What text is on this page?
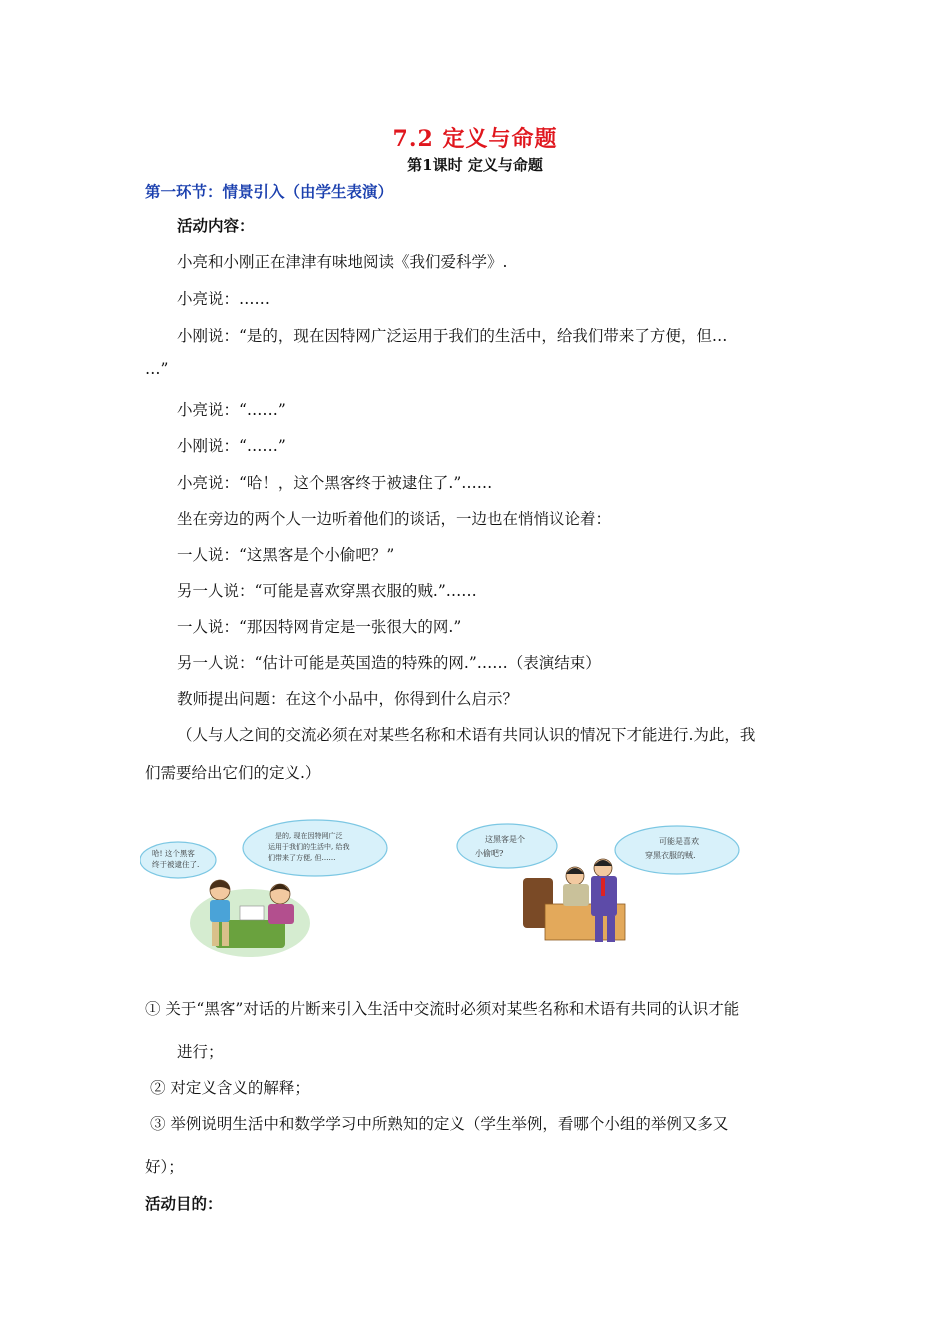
7.2 定义与命题
第1课时 定义与命题
第一环节：情景引入（由学生表演）
活动内容：
小亮和小刚正在津津有味地阅读《我们爱科学》.
小亮说：……
小刚说：“是的，现在因特网广泛运用于我们的生活中，给我们带来了方便，但…
…”
小亮说：“……”
小刚说：“……”
小亮说：“哈！，这个黑客终于被逮住了.”……
坐在旁边的两个人一边听着他们的谈话，一边也在悄悄议论着：
一人说：“这黑客是个小偷吧？”
另一人说：“可能是喜欢穿黑衣服的贼.”……
一人说：“那因特网肯定是一张很大的网.”
另一人说：“估计可能是英国造的特殊的网.”……（表演结束）
教师提出问题：在这个小品中，你得到什么启示？
（人与人之间的交流必须在对某些名称和术语有共同认识的情况下才能进行.为此，我
们需要给出它们的定义.）
哈! 这个黑客
终于被逮住了.
是的, 现在因特网广泛
运用于我们的生活中, 给我
们带来了方便, 但……
这黑客是个
小偷吧?
可能是喜欢
穿黑衣服的贼.
① 关于“黑客”对话的片断来引入生活中交流时必须对某些名称和术语有共同的认识才能
进行；
② 对定义含义的解释；
③ 举例说明生活中和数学学习中所熟知的定义（学生举例，看哪个小组的举例又多又
好）；
活动目的：
